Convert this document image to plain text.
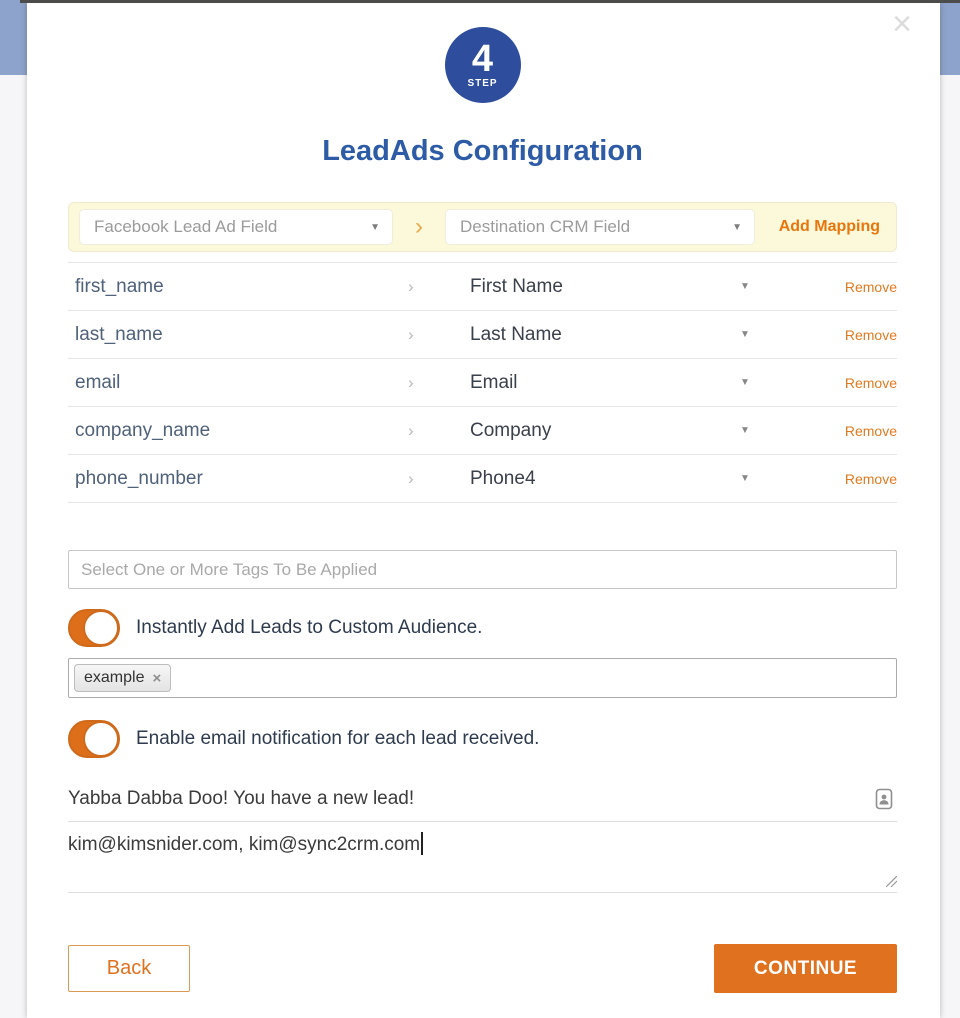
×
4
STEP
LeadAds Configuration
Facebook Lead Ad Field	▼ › Destination CRM Field	▼ Add Mapping
first_name	›	First Name	▼	Remove
last_name	›	Last Name	▼	Remove
email	›	Email	▼	Remove
company_name	›	Company	▼	Remove
phone_number	›	Phone4	▼	Remove
Select One or More Tags To Be Applied
Instantly Add Leads to Custom Audience.
example ×
Enable email notification for each lead received.
Yabba Dabba Doo! You have a new lead!
kim@kimsnider.com, kim@sync2crm.com
Back	CONTINUE
